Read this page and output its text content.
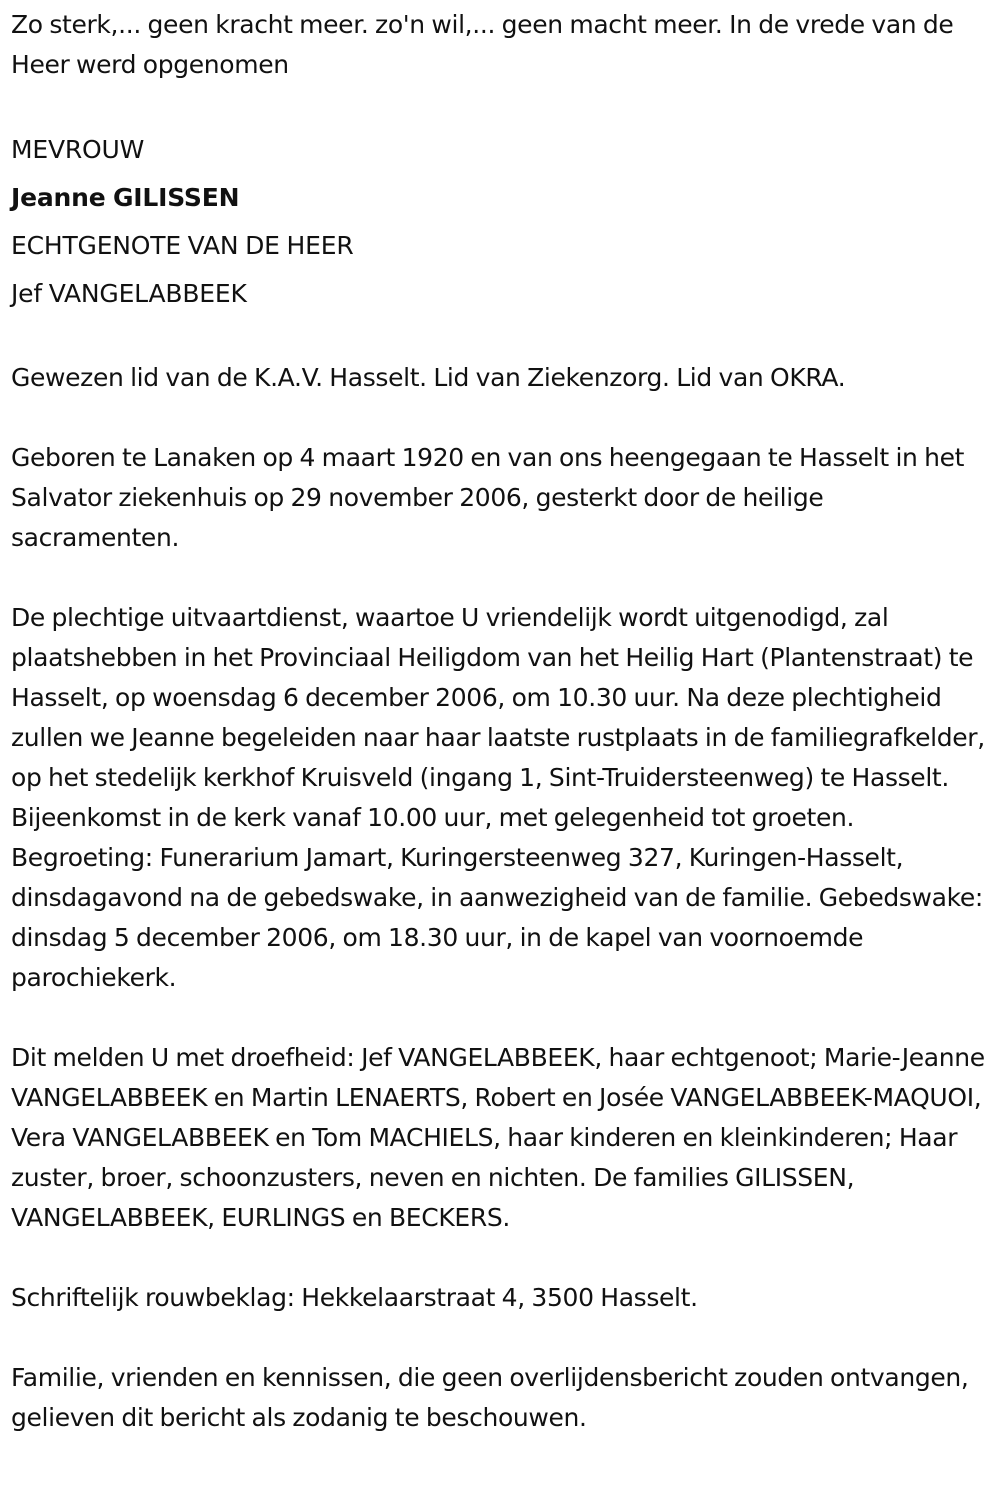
Zo sterk,... geen kracht meer. zo'n wil,... geen macht meer. In de vrede van de Heer werd opgenomen

MEVROUW

Jeanne GILISSEN

ECHTGENOTE VAN DE HEER

Jef VANGELABBEEK

Gewezen lid van de K.A.V. Hasselt. Lid van Ziekenzorg. Lid van OKRA.

Geboren te Lanaken op 4 maart 1920 en van ons heengegaan te Hasselt in het Salvator ziekenhuis op 29 november 2006, gesterkt door de heilige sacramenten.

De plechtige uitvaartdienst, waartoe U vriendelijk wordt uitgenodigd, zal plaatshebben in het Provinciaal Heiligdom van het Heilig Hart (Plantenstraat) te Hasselt, op woensdag 6 december 2006, om 10.30 uur. Na deze plechtigheid zullen we Jeanne begeleiden naar haar laatste rustplaats in de familiegrafkelder, op het stedelijk kerkhof Kruisveld (ingang 1, Sint-Truidersteenweg) te Hasselt. Bijeenkomst in de kerk vanaf 10.00 uur, met gelegenheid tot groeten. Begroeting: Funerarium Jamart, Kuringersteenweg 327, Kuringen-Hasselt, dinsdagavond na de gebedswake, in aanwezigheid van de familie. Gebedswake: dinsdag 5 december 2006, om 18.30 uur, in de kapel van voornoemde parochiekerk.

Dit melden U met droefheid: Jef VANGELABBEEK, haar echtgenoot; Marie-Jeanne VANGELABBEEK en Martin LENAERTS, Robert en Josée VANGELABBEEK-MAQUOI, Vera VANGELABBEEK en Tom MACHIELS, haar kinderen en kleinkinderen; Haar zuster, broer, schoonzusters, neven en nichten. De families GILISSEN, VANGELABBEEK, EURLINGS en BECKERS.

Schriftelijk rouwbeklag: Hekkelaarstraat 4, 3500 Hasselt.

Familie, vrienden en kennissen, die geen overlijdensbericht zouden ontvangen, gelieven dit bericht als zodanig te beschouwen.
